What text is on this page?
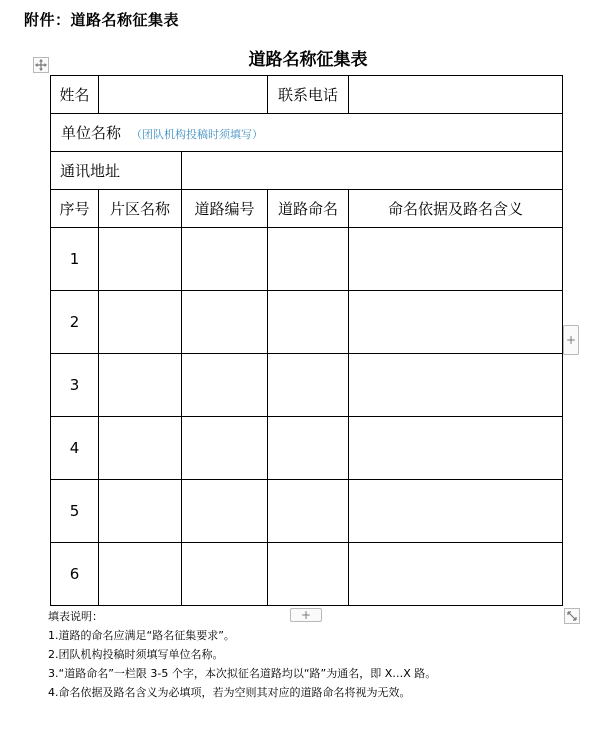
附件：道路名称征集表
道路名称征集表
姓名			联系电话	
单位名称 （团队机构投稿时须填写）				
通讯地址				
序号	片区名称	道路编号	道路命名	命名依据及路名含义
1				
2				
3				
4				
5				
6				
+
+
填表说明：
1.道路的命名应满足“路名征集要求”。
2.团队机构投稿时须填写单位名称。
3.“道路命名”一栏限 3-5 个字，本次拟征名道路均以“路”为通名，即 X…X 路。
4.命名依据及路名含义为必填项，若为空则其对应的道路命名将视为无效。
